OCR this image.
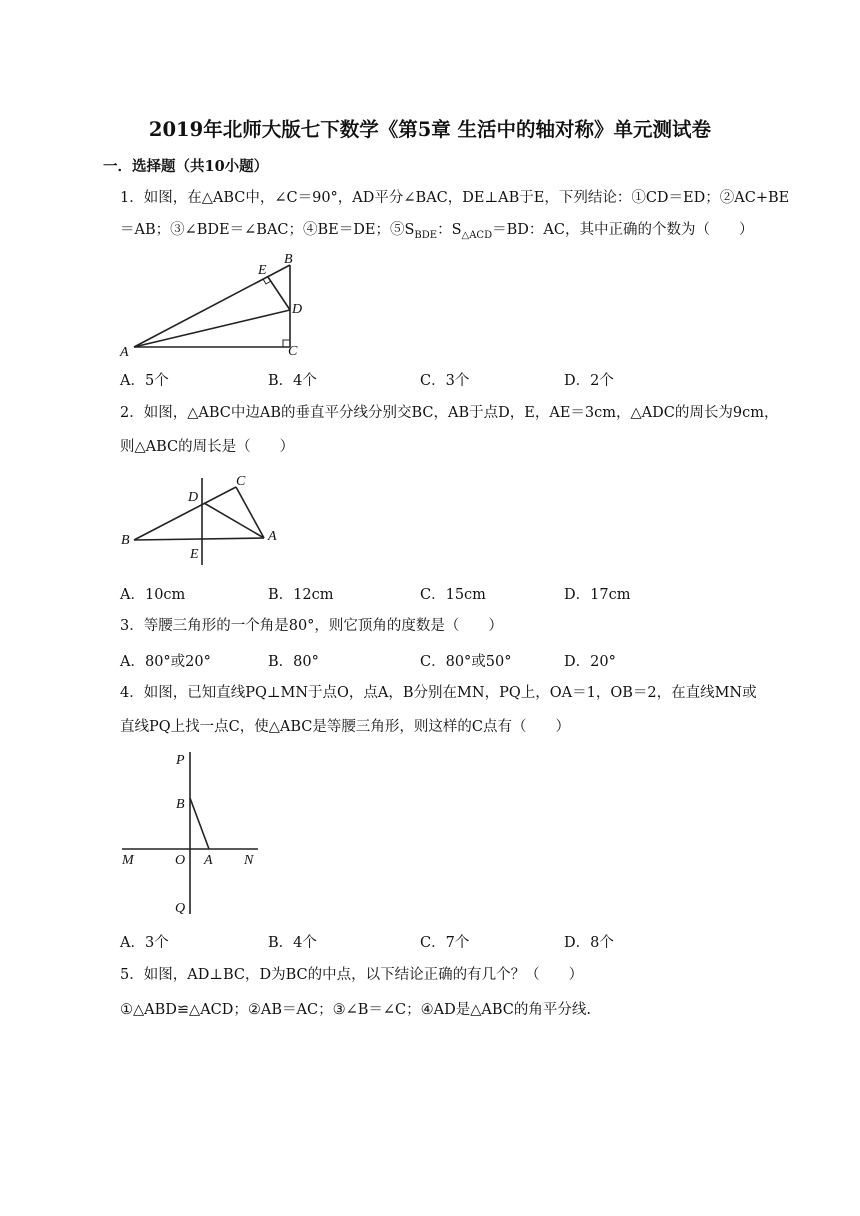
2019年北师大版七下数学《第5章 生活中的轴对称》单元测试卷
一．选择题（共10小题）
1．如图，在△ABC中，∠C＝90°，AD平分∠BAC，DE⊥AB于E，下列结论：①CD＝ED；②AC+BE
＝AB；③∠BDE＝∠BAC；④BE＝DE；$⑤S_{BDE}$：$S_{\triangle ACD}=BD$：AC，其中正确的个数为（　　）
A	C
D
B
E
A．5个	B．4个	C．3个	D．2个
2．如图，△ABC中边AB的垂直平分线分别交BC，AB于点D，E，AE＝3cm，△ADC的周长为9cm，
则△ABC的周长是（　　）
B
D
C
A
E
A．10cm	B．12cm	C．15cm	D．17cm
3．等腰三角形的一个角是80°，则它顶角的度数是（　　）
A．80°或20°	B．80°	C．80°或50°	D．20°
4．如图，已知直线PQ⊥MN于点O，点A，B分别在MN，PQ上，OA＝1，OB＝2，在直线MN或
直线PQ上找一点C，使△ABC是等腰三角形，则这样的C点有（　　）
P
B
M	O A N
Q
A．3个	B．4个	C．7个	D．8个
5．如图，AD⊥BC，D为BC的中点，以下结论正确的有几个？（　　）
①△ABD≌△ACD；②AB＝AC；③∠B＝∠C；④AD是△ABC的角平分线.
